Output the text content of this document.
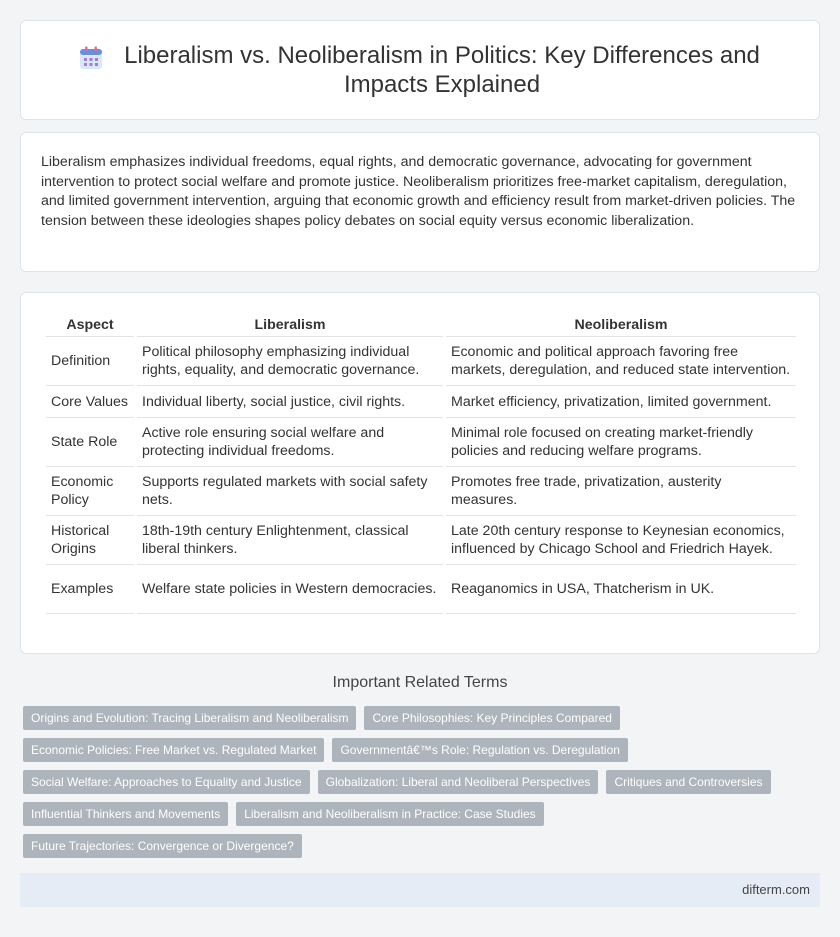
Liberalism vs. Neoliberalism in Politics: Key Differences and Impacts Explained

Liberalism emphasizes individual freedoms, equal rights, and democratic governance, advocating for government intervention to protect social welfare and promote justice. Neoliberalism prioritizes free-market capitalism, deregulation, and limited government intervention, arguing that economic growth and efficiency result from market-driven policies. The tension between these ideologies shapes policy debates on social equity versus economic liberalization.

Aspect	Liberalism	Neoliberalism
Definition	Political philosophy emphasizing individual rights, equality, and democratic governance.	Economic and political approach favoring free markets, deregulation, and reduced state intervention.
Core Values	Individual liberty, social justice, civil rights.	Market efficiency, privatization, limited government.
State Role	Active role ensuring social welfare and protecting individual freedoms.	Minimal role focused on creating market-friendly policies and reducing welfare programs.
Economic Policy	Supports regulated markets with social safety nets.	Promotes free trade, privatization, austerity measures.
Historical Origins	18th-19th century Enlightenment, classical liberal thinkers.	Late 20th century response to Keynesian economics, influenced by Chicago School and Friedrich Hayek.
Examples	Welfare state policies in Western democracies.	Reaganomics in USA, Thatcherism in UK.
Important Related Terms
Origins and Evolution: Tracing Liberalism and Neoliberalism	Core Philosophies: Key Principles Compared
Economic Policies: Free Market vs. Regulated Market	Governmentâ€™s Role: Regulation vs. Deregulation
Social Welfare: Approaches to Equality and Justice	Globalization: Liberal and Neoliberal Perspectives	Critiques and Controversies
Influential Thinkers and Movements	Liberalism and Neoliberalism in Practice: Case Studies
Future Trajectories: Convergence or Divergence?
difterm.com
